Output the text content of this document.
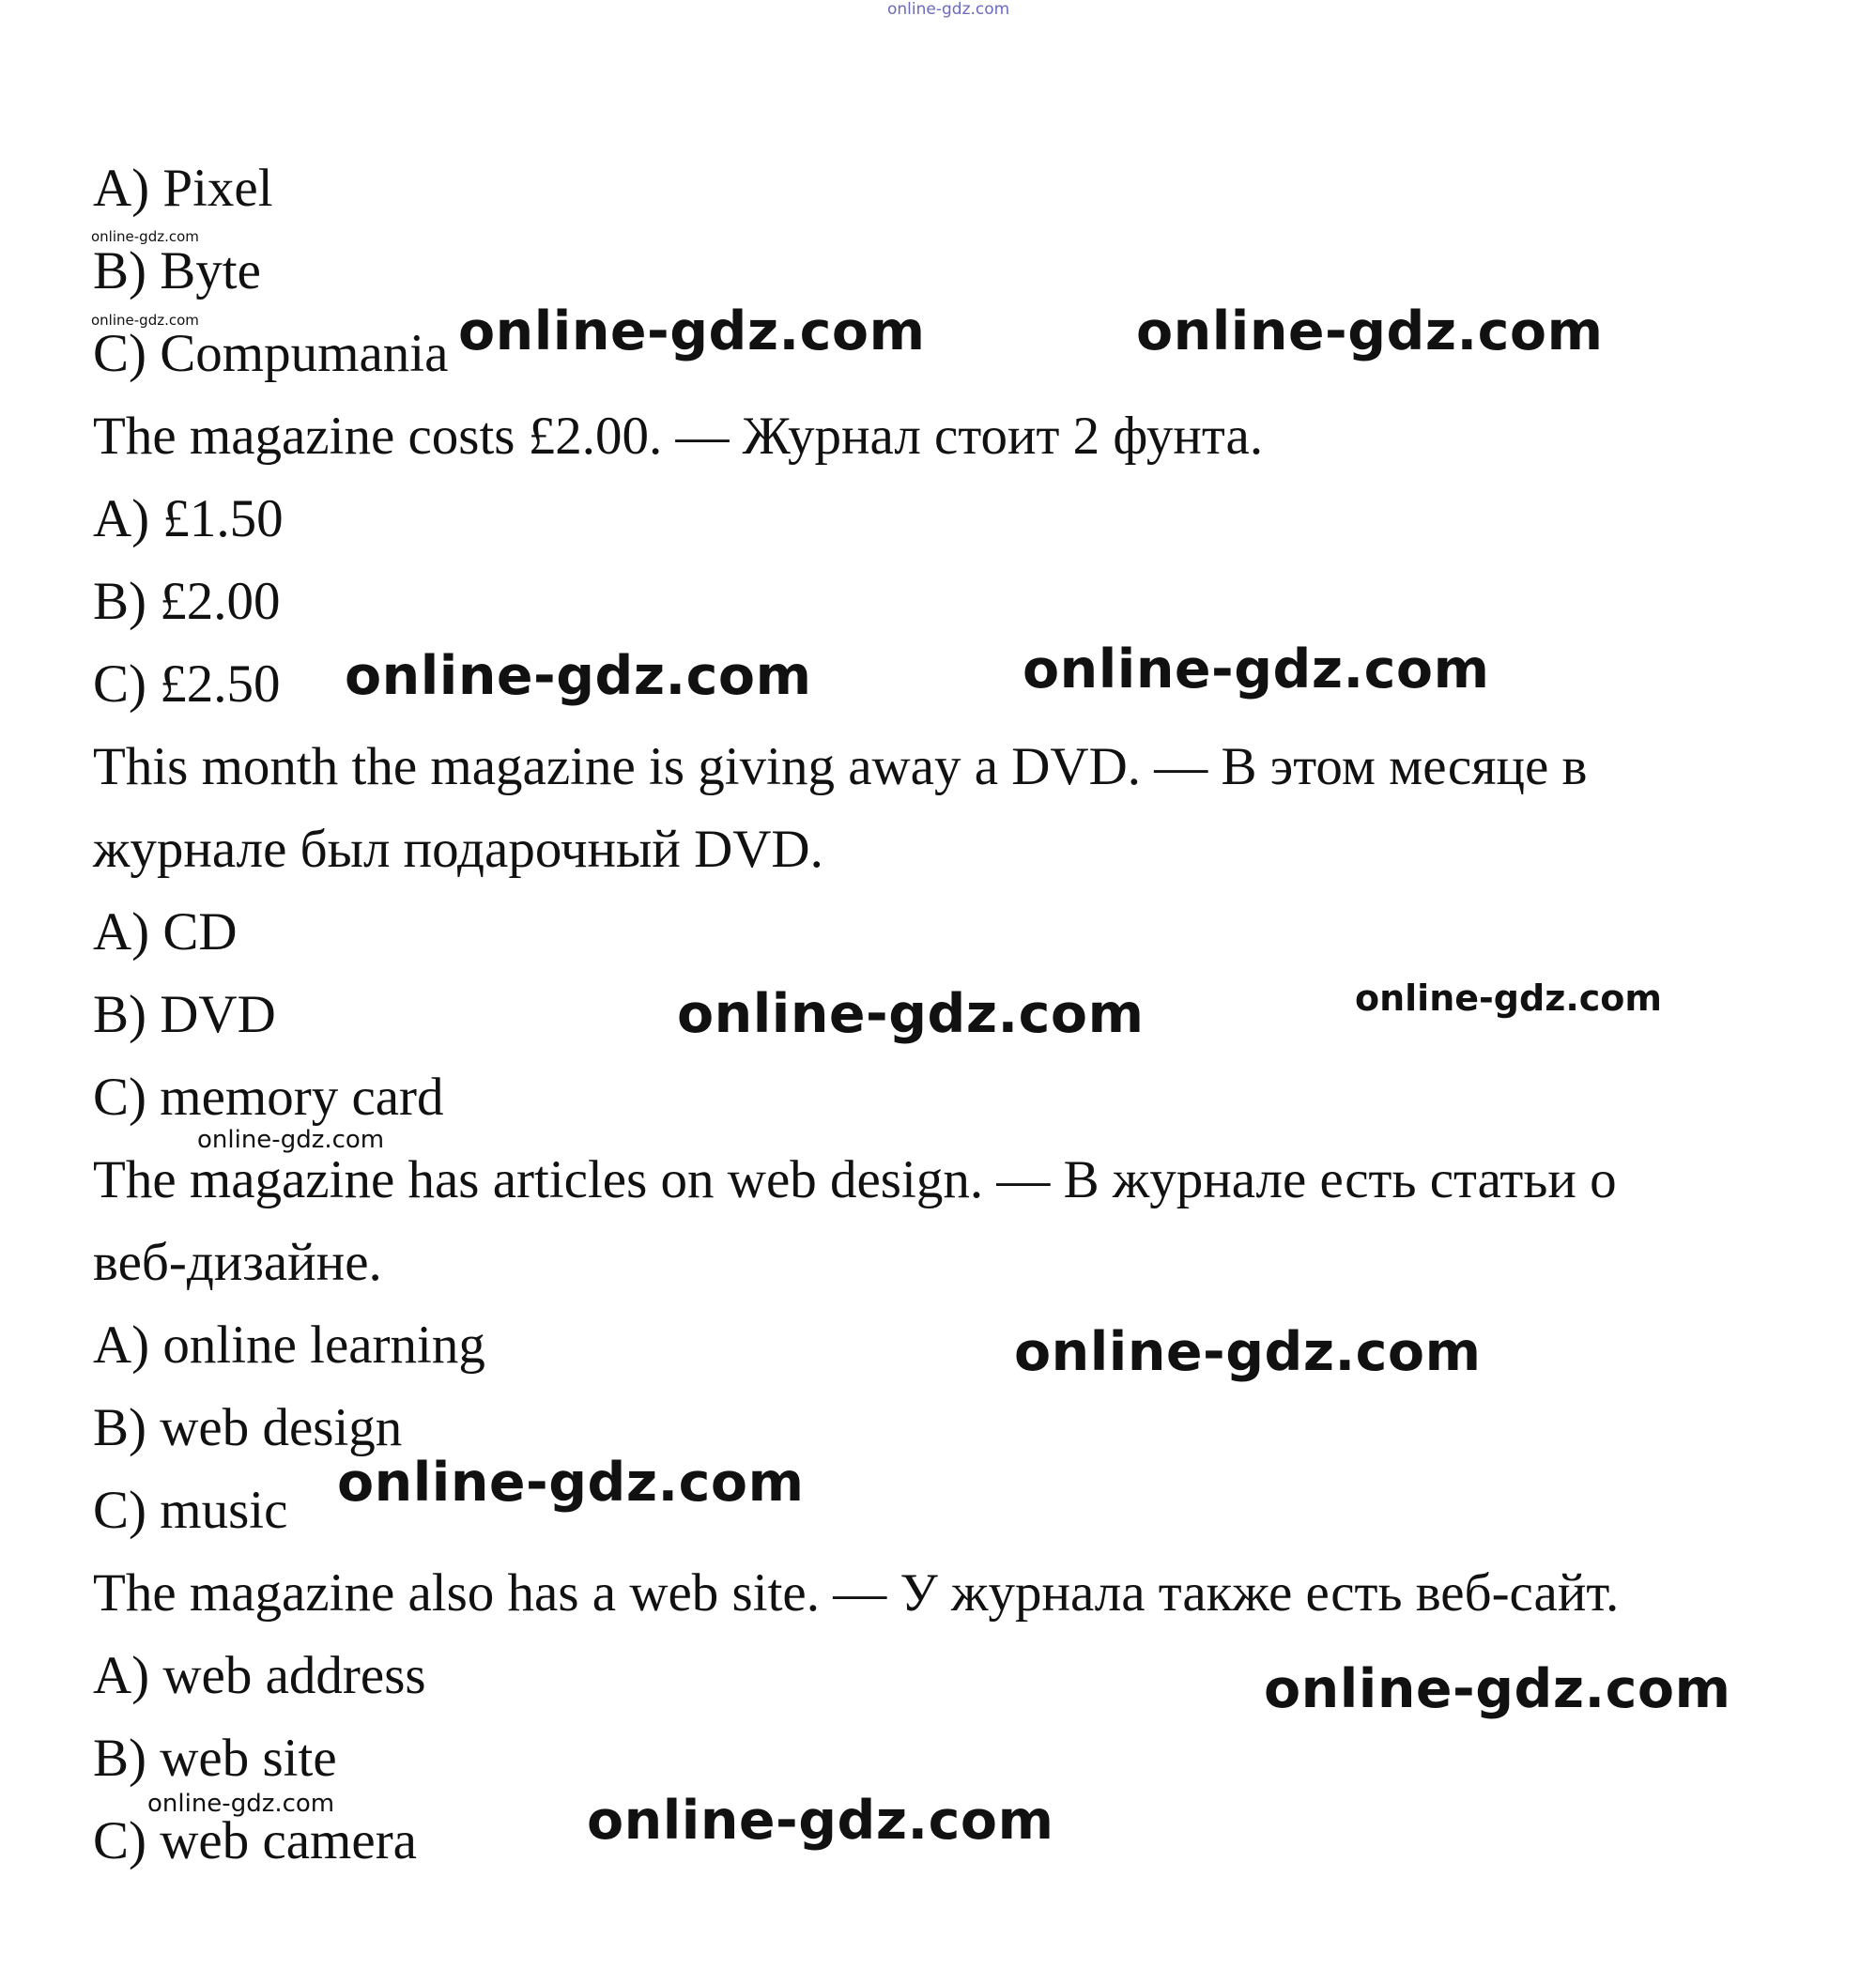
online-gdz.com
A) Pixel
B) Byte
C) Compumania
The magazine costs £2.00. — Журнал стоит 2 фунта.
A) £1.50
B) £2.00
C) £2.50
This month the magazine is giving away a DVD. — В этом месяце в
журнале был подарочный DVD.
A) CD
B) DVD
C) memory card
The magazine has articles on web design. — В журнале есть статьи о
веб-дизайне.
A) online learning
B) web design
C) music
The magazine also has a web site. — У журнала также есть веб-сайт.
A) web address
B) web site
C) web camera
online-gdz.com
online-gdz.com	online-gdz.com	online-gdz.com
online-gdz.com	online-gdz.com
online-gdz.com	online-gdz.com
online-gdz.com
online-gdz.com
online-gdz.com
online-gdz.com
online-gdz.com	online-gdz.com
